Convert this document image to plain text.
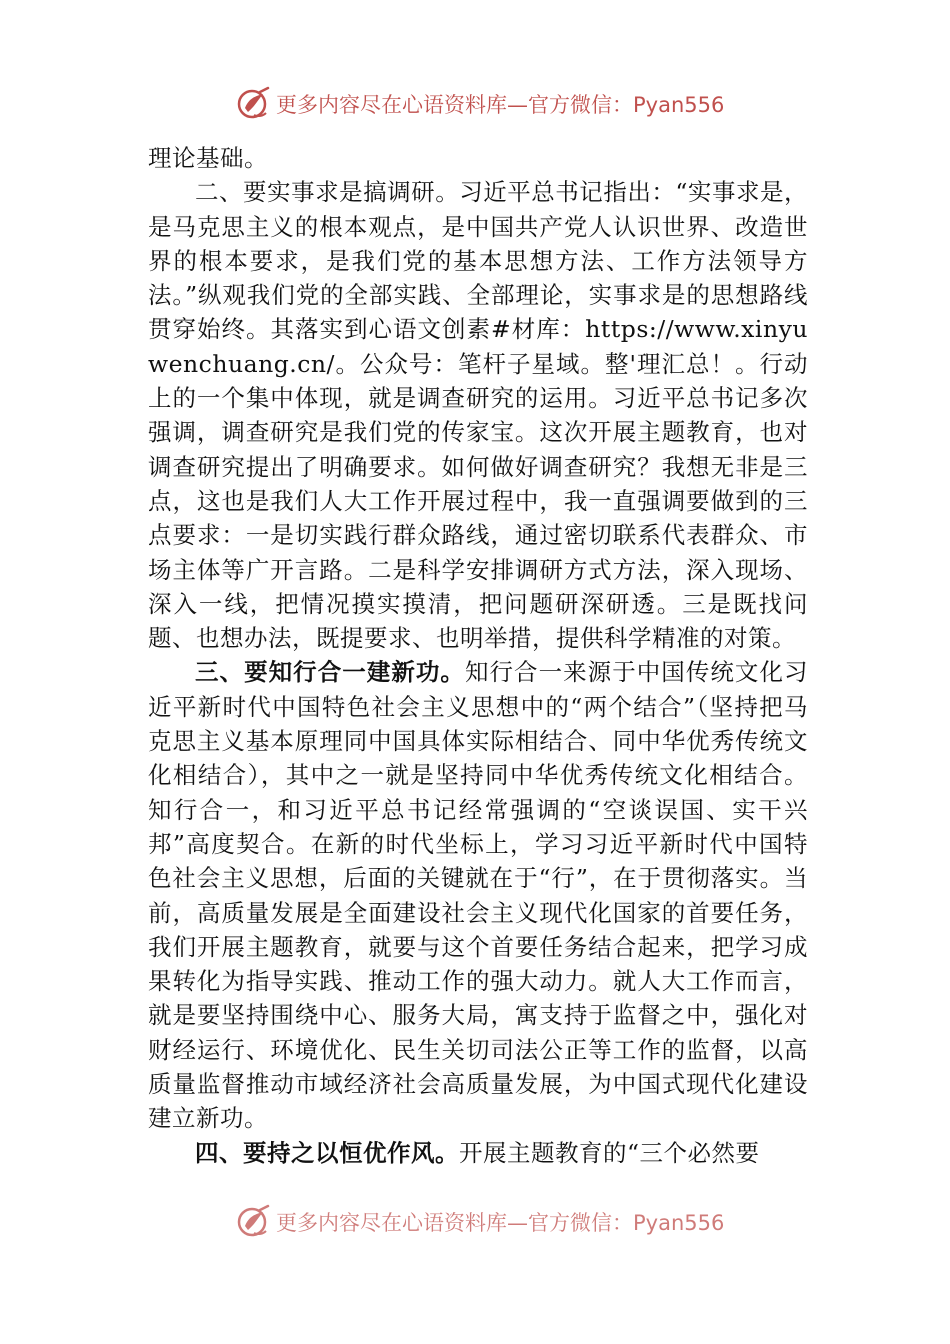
更多内容尽在心语资料库—官方微信：Pyan556

理论基础。

二、要实事求是搞调研。习近平总书记指出：“实事求是，是马克思主义的根本观点，是中国共产党人认识世界、改造世界的根本要求，是我们党的基本思想方法、工作方法领导方法。”纵观我们党的全部实践、全部理论，实事求是的思想路线贯穿始终。其落实到心语文创素#材库：https://www.xinyuwenchuang.cn/。公众号：笔杆子星域。整'理汇总！。行动上的一个集中体现，就是调查研究的运用。习近平总书记多次强调，调查研究是我们党的传家宝。这次开展主题教育，也对调查研究提出了明确要求。如何做好调查研究？我想无非是三点，这也是我们人大工作开展过程中，我一直强调要做到的三点要求：一是切实践行群众路线，通过密切联系代表群众、市场主体等广开言路。二是科学安排调研方式方法，深入现场、深入一线，把情况摸实摸清，把问题研深研透。三是既找问题、也想办法，既提要求、也明举措，提供科学精准的对策。

三、要知行合一建新功。知行合一来源于中国传统文化习近平新时代中国特色社会主义思想中的“两个结合”（坚持把马克思主义基本原理同中国具体实际相结合、同中华优秀传统文化相结合），其中之一就是坚持同中华优秀传统文化相结合。知行合一，和习近平总书记经常强调的“空谈误国、实干兴邦”高度契合。在新的时代坐标上，学习习近平新时代中国特色社会主义思想，后面的关键就在于“行”，在于贯彻落实。当前，高质量发展是全面建设社会主义现代化国家的首要任务，我们开展主题教育，就要与这个首要任务结合起来，把学习成果转化为指导实践、推动工作的强大动力。就人大工作而言，就是要坚持围绕中心、服务大局，寓支持于监督之中，强化对财经运行、环境优化、民生关切司法公正等工作的监督，以高质量监督推动市域经济社会高质量发展，为中国式现代化建设建立新功。

四、要持之以恒优作风。开展主题教育的“三个必然要

更多内容尽在心语资料库—官方微信：Pyan556
